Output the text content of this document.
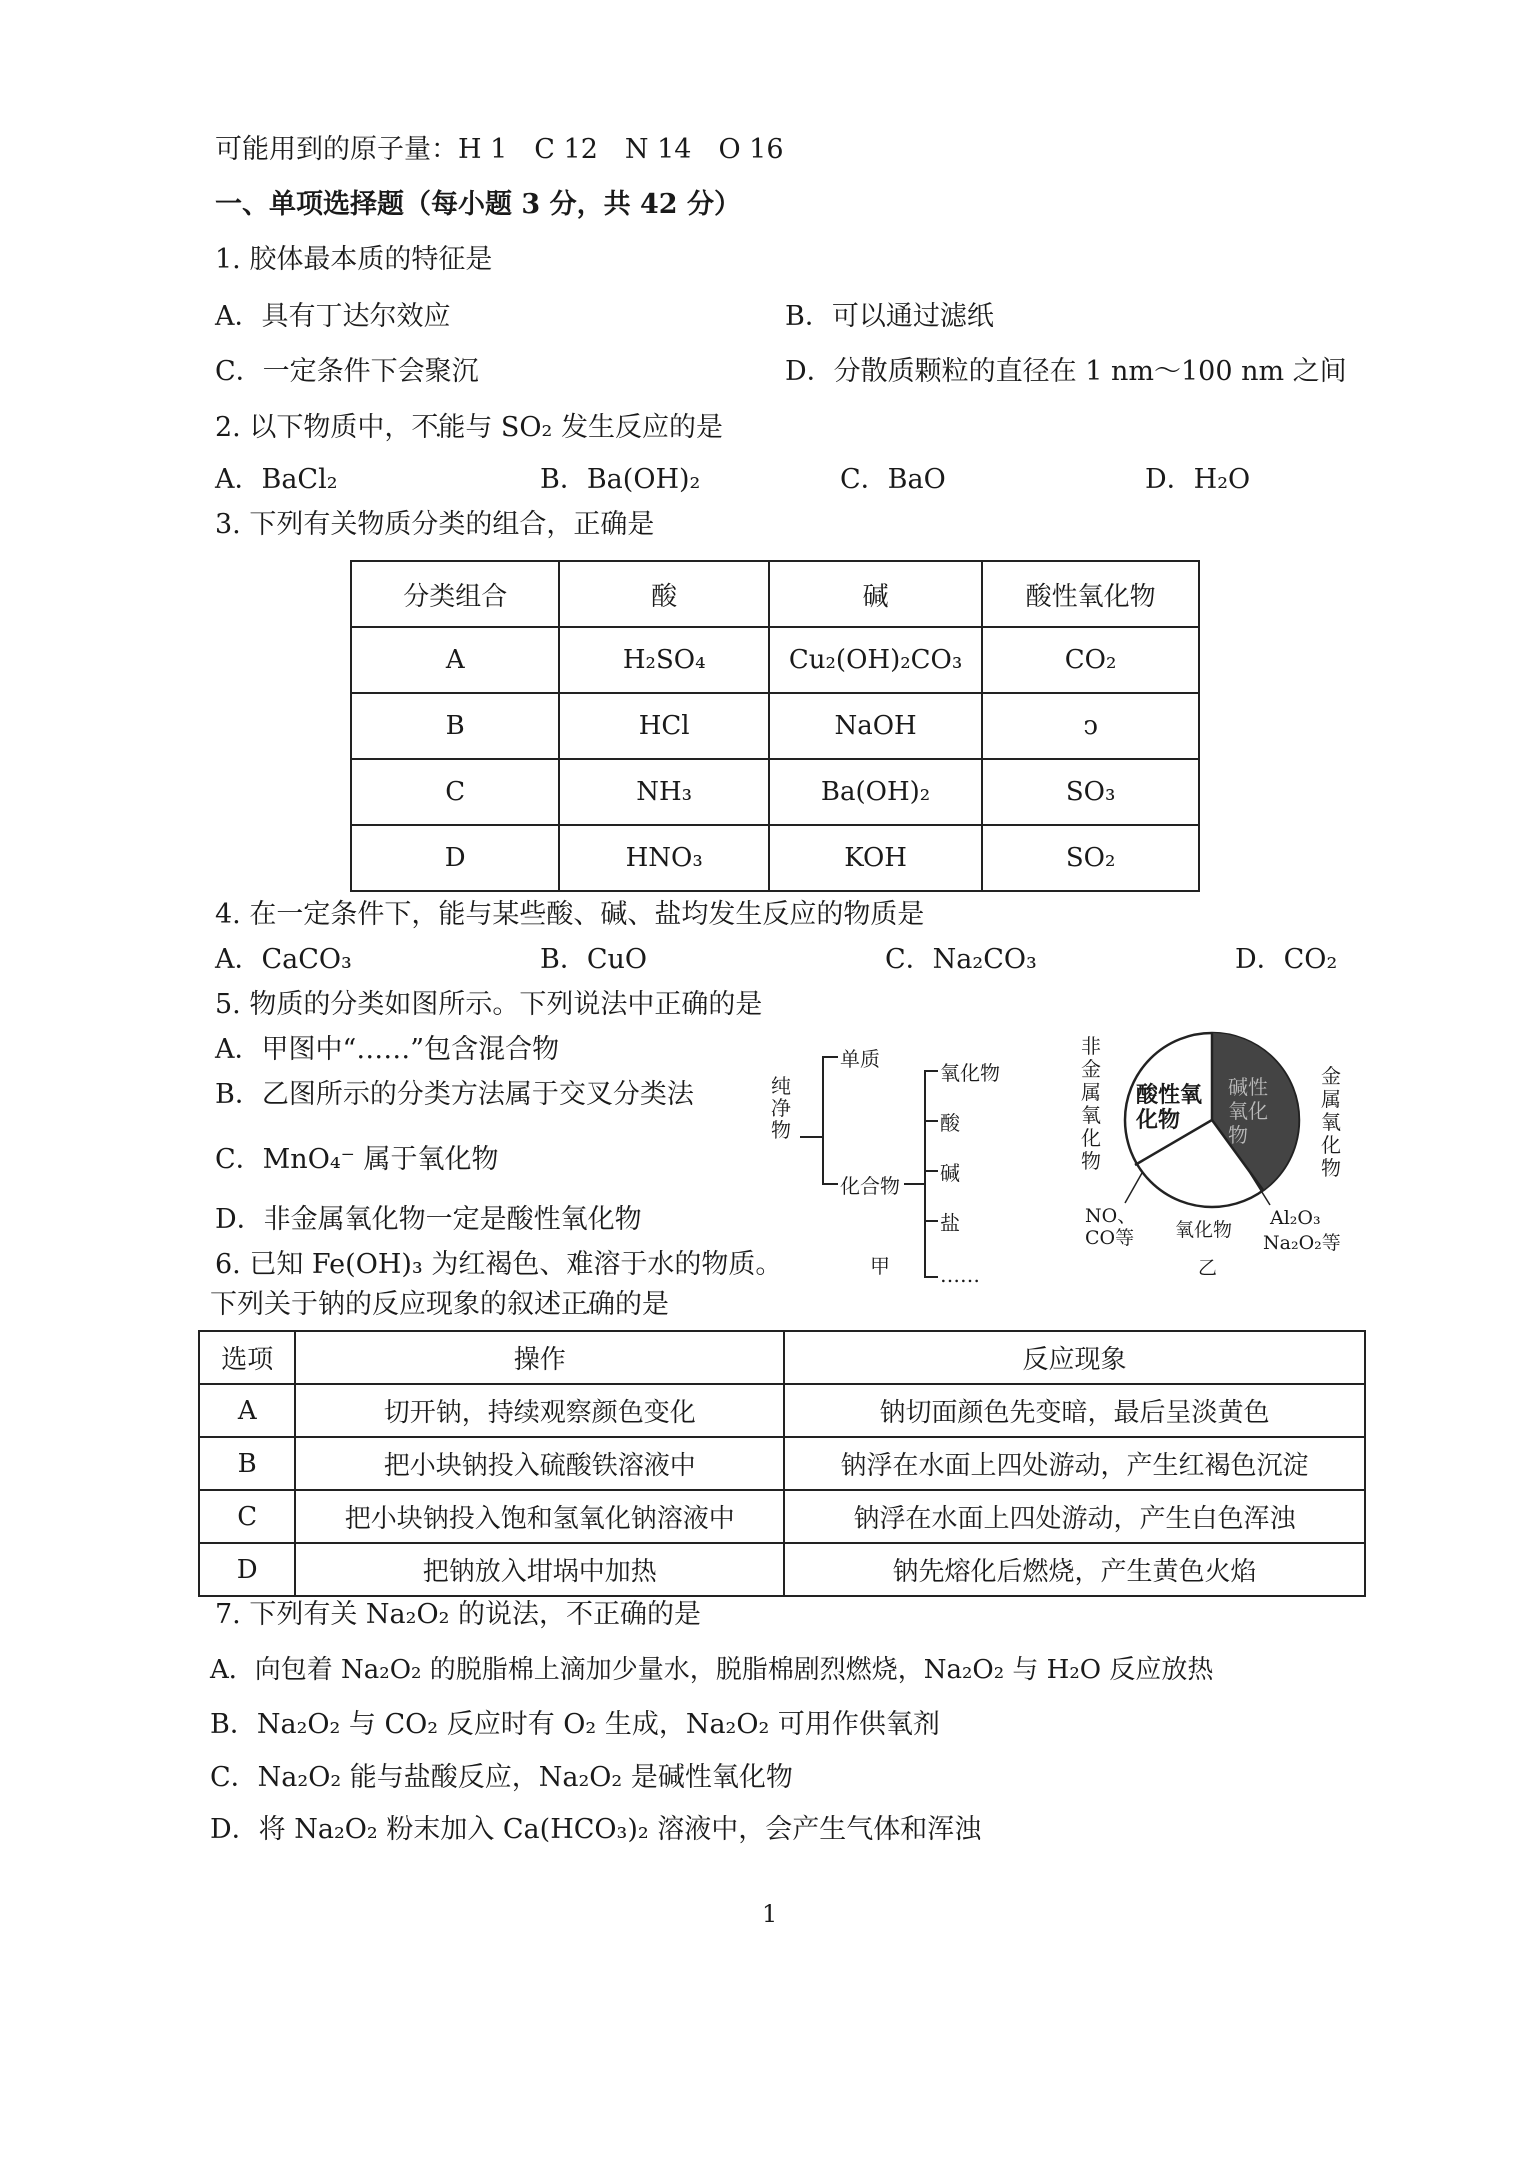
可能用到的原子量：H 1　C 12　N 14　O 16
一、单项选择题（每小题 3 分，共 42 分）
1. 胶体最本质的特征是
A．具有丁达尔效应	B．可以通过滤纸
C．一定条件下会聚沉	D．分散质颗粒的直径在 1 nm～100 nm 之间
2. 以下物质中，不能与 SO₂ 发生反应的是
A．BaCl₂	B．Ba(OH)₂	C．BaO	D．H₂O
3. 下列有关物质分类的组合，正确是
分类组合	酸	碱	酸性氧化物
A	H₂SO₄	Cu₂(OH)₂CO₃	CO₂
B	HCl	NaOH	ↄ
C	NH₃	Ba(OH)₂	SO₃
D	HNO₃	KOH	SO₂
4. 在一定条件下，能与某些酸、碱、盐均发生反应的物质是
A．CaCO₃	B．CuO	C．Na₂CO₃	D．CO₂
5. 物质的分类如图所示。下列说法中正确的是
A．甲图中“……”包含混合物
B．乙图所示的分类方法属于交叉分类法
C．MnO₄⁻ 属于氧化物
D．非金属氧化物一定是酸性氧化物
纯净物
单质
化合物
氧化物
酸
碱
盐
……
甲
非金属氧化物
金属氧化物
酸性氧化物
碱性氧化物
NO、CO等	氧化物
Al₂O₃
Na₂O₂等
乙
6. 已知 Fe(OH)₃ 为红褐色、难溶于水的物质。
下列关于钠的反应现象的叙述正确的是
选项	操作	反应现象
A	切开钠，持续观察颜色变化	钠切面颜色先变暗，最后呈淡黄色
B	把小块钠投入硫酸铁溶液中	钠浮在水面上四处游动，产生红褐色沉淀
C	把小块钠投入饱和氢氧化钠溶液中	钠浮在水面上四处游动，产生白色浑浊
D	把钠放入坩埚中加热	钠先熔化后燃烧，产生黄色火焰
7. 下列有关 Na₂O₂ 的说法，不正确的是
A．向包着 Na₂O₂ 的脱脂棉上滴加少量水，脱脂棉剧烈燃烧，Na₂O₂ 与 H₂O 反应放热
B．Na₂O₂ 与 CO₂ 反应时有 O₂ 生成，Na₂O₂ 可用作供氧剂
C．Na₂O₂ 能与盐酸反应，Na₂O₂ 是碱性氧化物
D．将 Na₂O₂ 粉末加入 Ca(HCO₃)₂ 溶液中，会产生气体和浑浊
1
